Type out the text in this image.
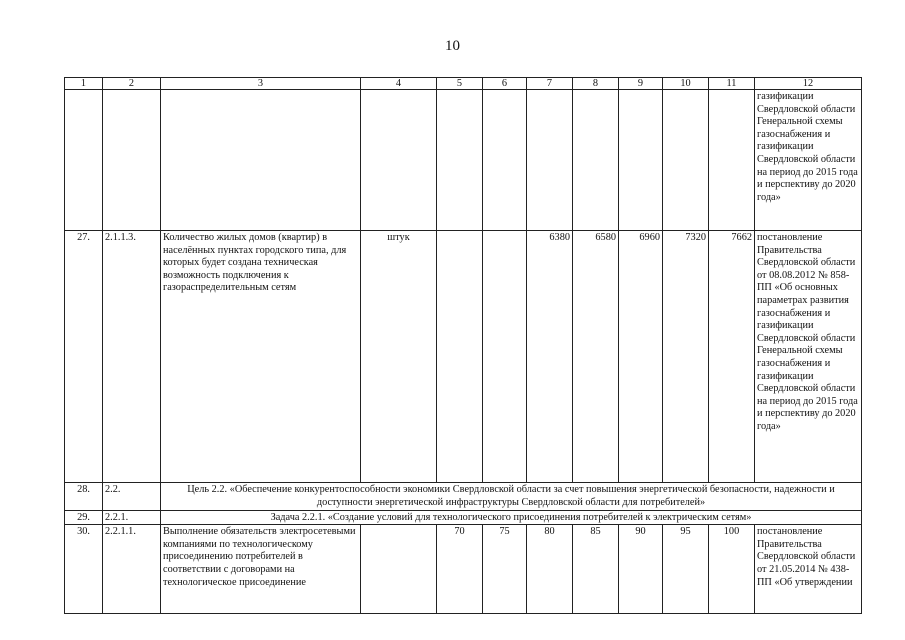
10
1	2	3	4	5	6	7	8	9	10	11	12
											газификации Свердловской области Генеральной схемы газоснабжения и газификации Свердловской области на период до 2015 года и перспективу до 2020 года»
27.	2.1.1.3.	Количество жилых домов (квартир) в населённых пунктах городского типа, для которых будет создана техническая возможность подключения к газораспределительным сетям	штук			6380	6580	6960	7320	7662	постановление Правительства Свердловской области от 08.08.2012 № 858-ПП «Об основных параметрах развития газоснабжения и газификации Свердловской области Генеральной схемы газоснабжения и газификации Свердловской области на период до 2015 года и перспективу до 2020 года»
28.	2.2.	Цель 2.2. «Обеспечение конкурентоспособности экономики Свердловской области за счет повышения энергетической безопасности, надежности и доступности энергетической инфраструктуры Свердловской области для потребителей»									
29.	2.2.1.	Задача 2.2.1. «Создание условий для технологического присоединения потребителей к электрическим сетям»									
30.	2.2.1.1.	Выполнение обязательств электросетевыми компаниями по технологическому присоединению потребителей в соответствии с договорами на технологическое присоединение		70	75	80	85	90	95	100	постановление Правительства Свердловской области от 21.05.2014 № 438-ПП «Об утверждении
